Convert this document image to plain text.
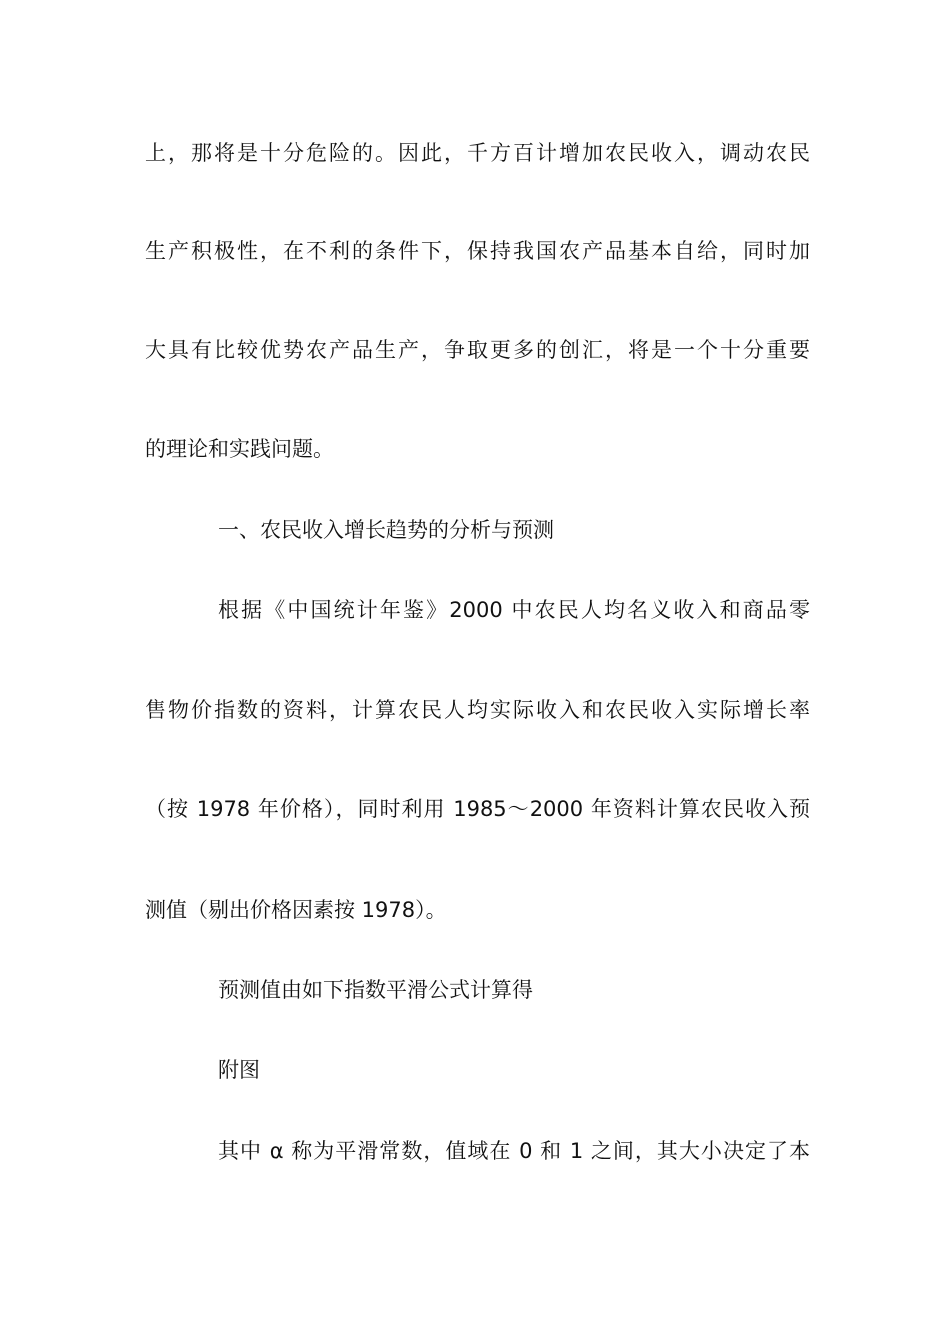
上，那将是十分危险的。因此，千方百计增加农民收入，调动农民
生产积极性，在不利的条件下，保持我国农产品基本自给，同时加
大具有比较优势农产品生产，争取更多的创汇，将是一个十分重要
的理论和实践问题。
一、农民收入增长趋势的分析与预测
根据《中国统计年鉴》2000 中农民人均名义收入和商品零
售物价指数的资料，计算农民人均实际收入和农民收入实际增长率
（按 1978 年价格），同时利用 1985～2000 年资料计算农民收入预
测值（剔出价格因素按 1978）。
预测值由如下指数平滑公式计算得
附图
其中 α 称为平滑常数，值域在 0 和 1 之间，其大小决定了本
